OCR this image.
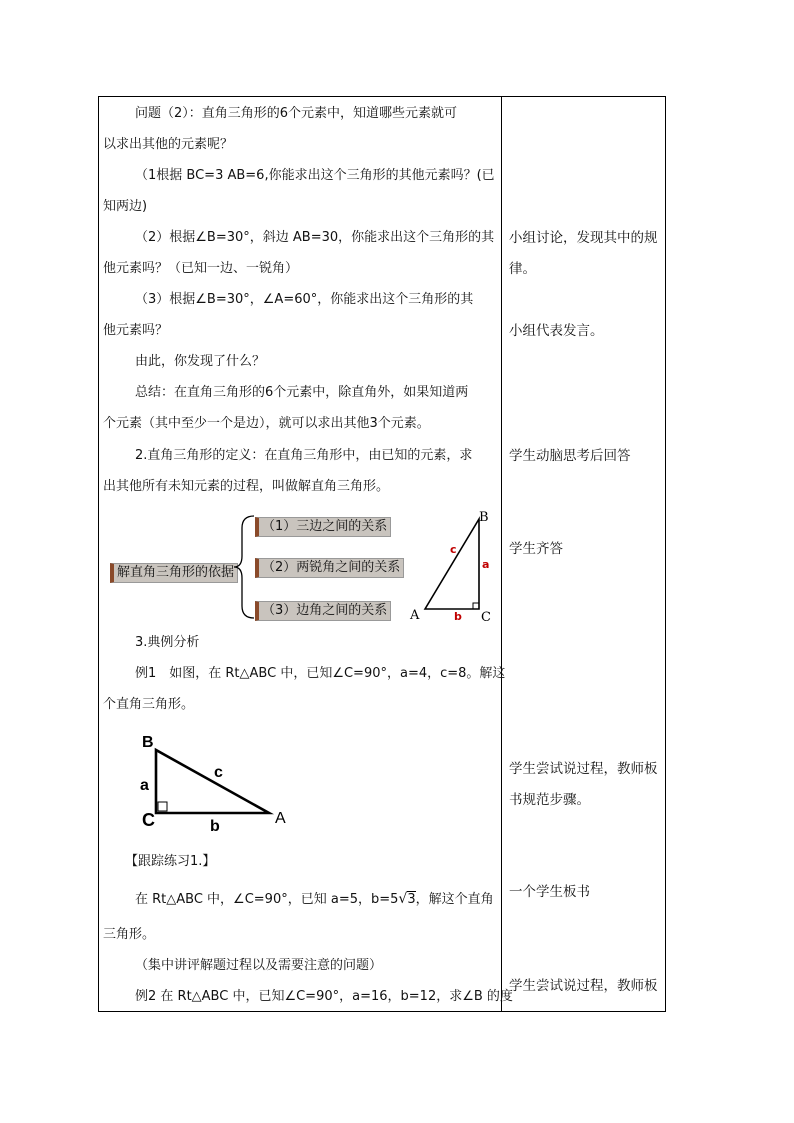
问题（2）：直角三角形的6个元素中，知道哪些元素就可
以求出其他的元素呢？
（1根据 BC=3 AB=6,你能求出这个三角形的其他元素吗？(已
知两边)
（2）根据∠B=30°，斜边 AB=30，你能求出这个三角形的其
他元素吗？（已知一边、一锐角）
（3）根据∠B=30°，∠A=60°，你能求出这个三角形的其
他元素吗？
由此，你发现了什么？
总结：在直角三角形的6个元素中，除直角外，如果知道两
个元素（其中至少一个是边），就可以求出其他3个元素。
2.直角三角形的定义：在直角三角形中，由已知的元素，求
出其他所有未知元素的过程，叫做解直角三角形。
解直角三角形的依据
（1）三边之间的关系
（2）两锐角之间的关系
（3）边角之间的关系
B
A	C
c
a
b
3.典例分析
例1　如图，在 Rt△ABC 中，已知∠C=90°，a=4，c=8。解这
个直角三角形。
B
a
c
C	b	A
【跟踪练习1.】
在 Rt△ABC 中，∠C=90°，已知 a=5，b=5√3，解这个直角
三角形。
（集中讲评解题过程以及需要注意的问题）
例2 在 Rt△ABC 中，已知∠C=90°，a=16，b=12，求∠B 的度
小组讨论，发现其中的规
律。
小组代表发言。
学生动脑思考后回答
学生齐答
学生尝试说过程，教师板
书规范步骤。
一个学生板书
学生尝试说过程，教师板
